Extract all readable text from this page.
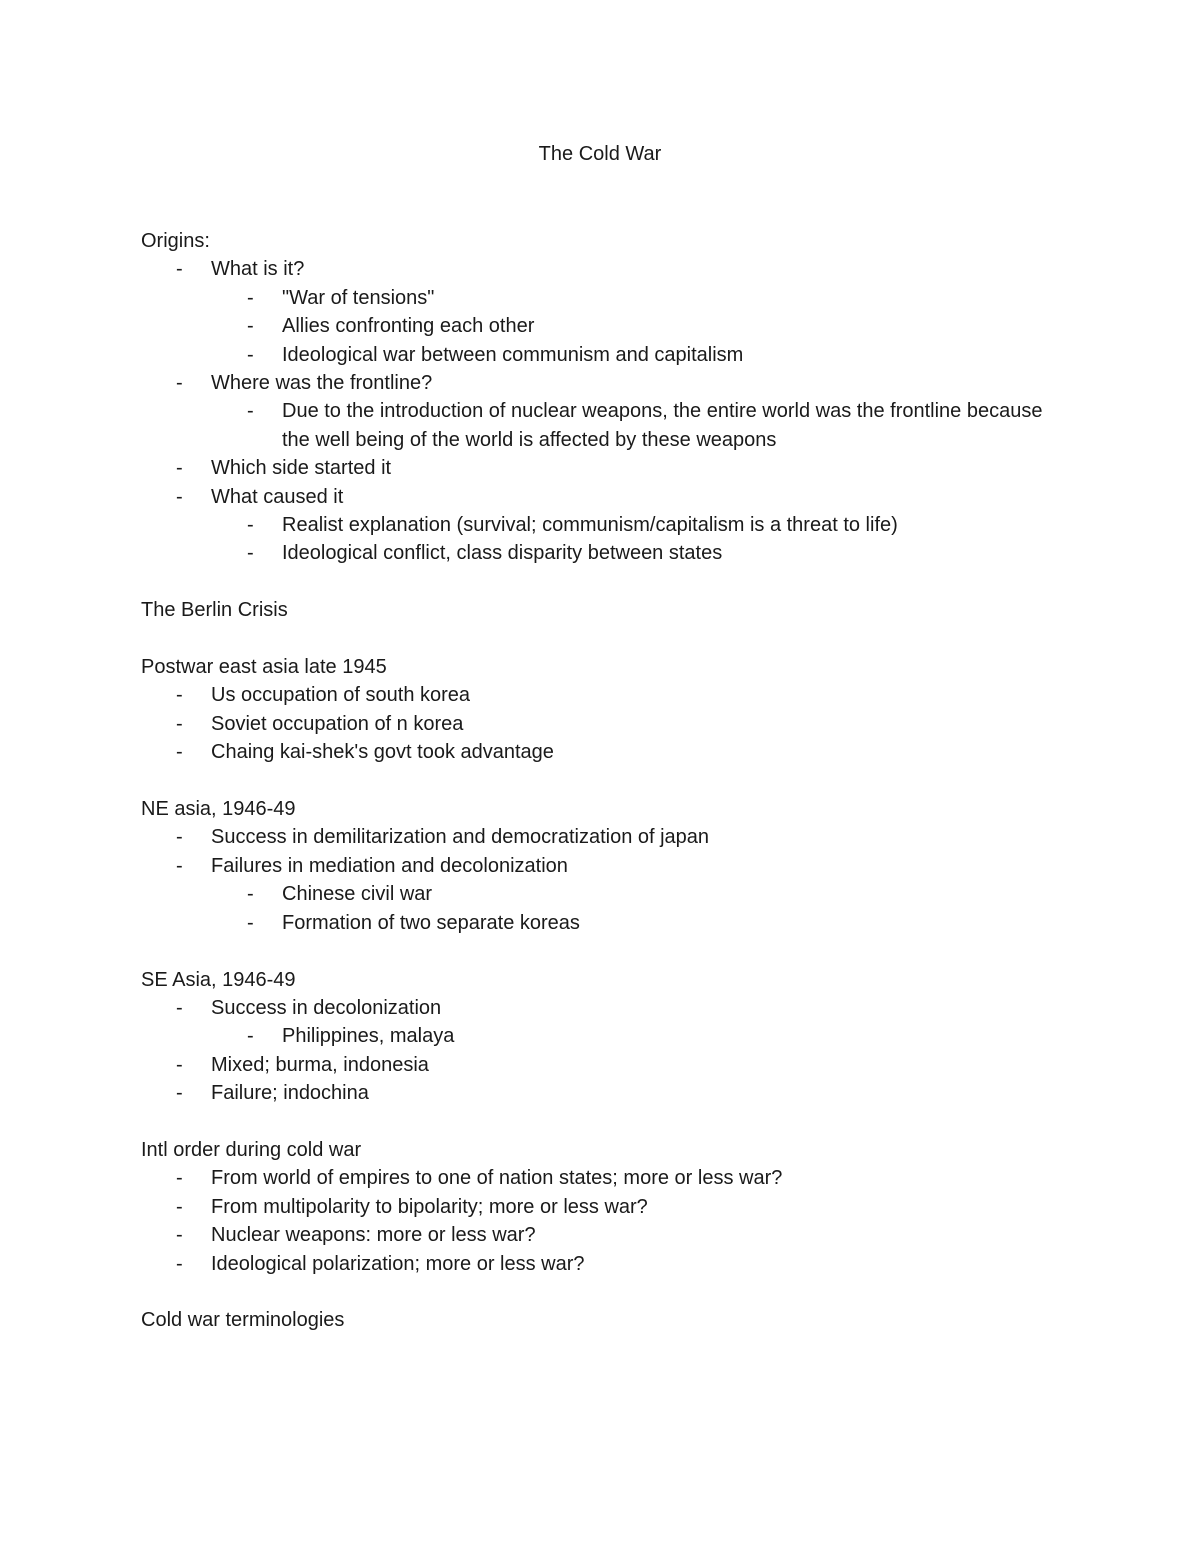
The Cold War
Origins:
- What is it?
- "War of tensions"
- Allies confronting each other
- Ideological war between communism and capitalism
- Where was the frontline?
- Due to the introduction of nuclear weapons, the entire world was the frontline because the well being of the world is affected by these weapons
- Which side started it
- What caused it
- Realist explanation (survival; communism/capitalism is a threat to life)
- Ideological conflict, class disparity between states
The Berlin Crisis
Postwar east asia late 1945
- Us occupation of south korea
- Soviet occupation of n korea
- Chaing kai-shek's govt took advantage
NE asia, 1946-49
- Success in demilitarization and democratization of japan
- Failures in mediation and decolonization
- Chinese civil war
- Formation of two separate koreas
SE Asia, 1946-49
- Success in decolonization
- Philippines, malaya
- Mixed; burma, indonesia
- Failure; indochina
Intl order during cold war
- From world of empires to one of nation states; more or less war?
- From multipolarity to bipolarity; more or less war?
- Nuclear weapons: more or less war?
- Ideological polarization; more or less war?
Cold war terminologies
